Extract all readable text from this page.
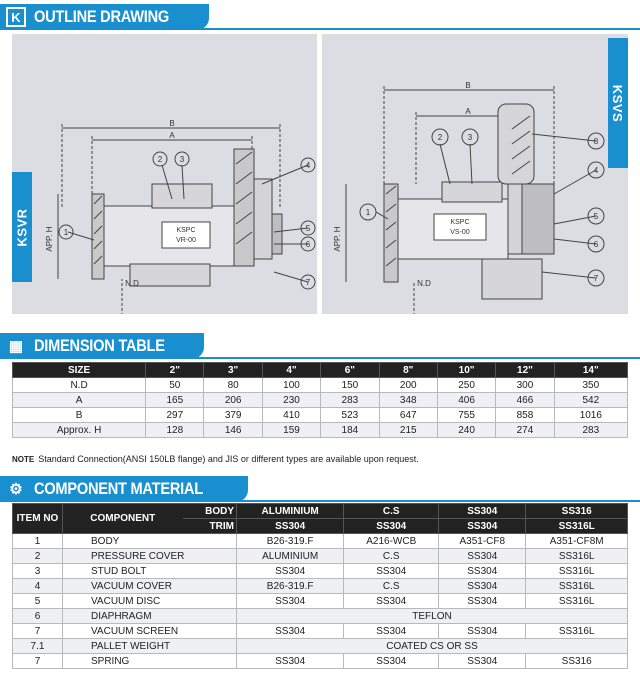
K OUTLINE DRAWING
B
A
APP. H
N.D
KSPC
VR-00
1
2 3
4
5
6
7
KSVR
B
A
APP. H
N.D
KSPC
VS-00
1
2	3
4
5
6
7
8
KSVS
▦ DIMENSION TABLE
SIZE	2"	3"	4"	6"	8"	10"	12"	14"
N.D	50	80	100	150	200	250	300	350
A	165	206	230	283	348	406	466	542
B	297	379	410	523	647	755	858	1016
Approx. H	128	146	159	184	215	240	274	283
NOTE Standard Connection(ANSI 150LB flange) and JIS or different types are available upon request.
⚙ COMPONENT MATERIAL
ITEM NO	COMPONENT	BODY	ALUMINIUM	C.S	SS304	SS316
		TRIM	SS304	SS304	SS304	SS316L
1	BODY		B26-319.F	A216-WCB	A351-CF8	A351-CF8M
2	PRESSURE COVER		ALUMINIUM	C.S	SS304	SS316L
3	STUD BOLT		SS304	SS304	SS304	SS316L
4	VACUUM COVER		B26-319.F	C.S	SS304	SS316L
5	VACUUM DISC		SS304	SS304	SS304	SS316L
6	DIAPHRAGM		TEFLON			
7	VACUUM SCREEN		SS304	SS304	SS304	SS316L
7.1	PALLET WEIGHT		COATED CS OR SS			
7	SPRING		SS304	SS304	SS304	SS316
